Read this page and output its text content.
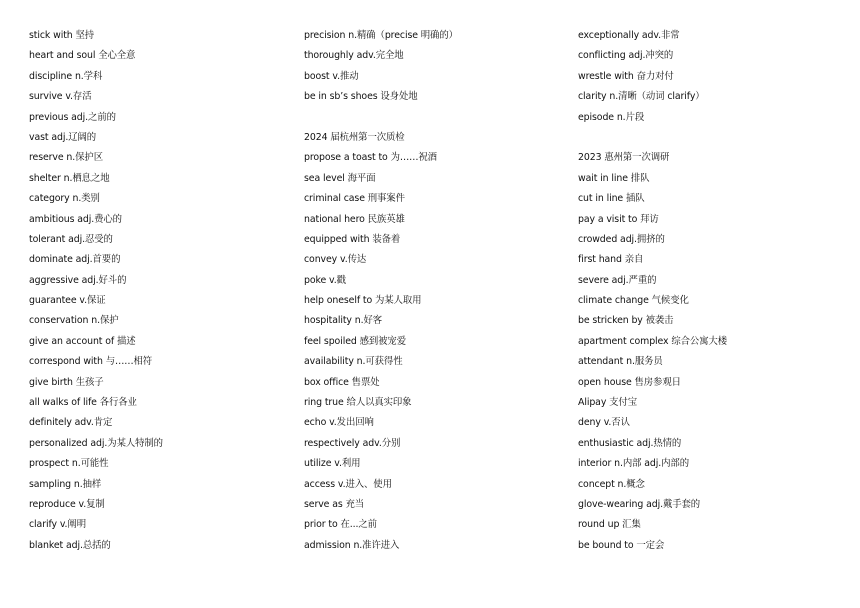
stick with 坚持
heart and soul 全心全意
discipline n.学科
survive v.存活
previous adj.之前的
vast adj.辽阔的
reserve n.保护区
shelter n.栖息之地
category n.类别
ambitious adj.费心的
tolerant adj.忍受的
dominate adj.首要的
aggressive adj.好斗的
guarantee v.保证
conservation n.保护
give an account of 描述
correspond with 与……相符
give birth 生孩子
all walks of life 各行各业
definitely adv.肯定
personalized adj.为某人特制的
prospect n.可能性
sampling n.抽样
reproduce v.复制
clarify v.阐明
blanket adj.总括的
precision n.精确（precise 明确的）
thoroughly adv.完全地
boost v.推动
be in sb’s shoes 设身处地
2024 届杭州第一次质检
propose a toast to 为……祝酒
sea level 海平面
criminal case 刑事案件
national hero 民族英雄
equipped with 装备着
convey v.传达
poke v.戳
help oneself to 为某人取用
hospitality n.好客
feel spoiled 感到被宠爱
availability n.可获得性
box office 售票处
ring true 给人以真实印象
echo v.发出回响
respectively adv.分别
utilize v.利用
access v.进入、使用
serve as 充当
prior to 在...之前
admission n.准许进入
exceptionally adv.非常
conflicting adj.冲突的
wrestle with 奋力对付
clarity n.清晰（动词 clarify）
episode n.片段
2023 惠州第一次调研
wait in line 排队
cut in line 插队
pay a visit to 拜访
crowded adj.拥挤的
first hand 亲自
severe adj.严重的
climate change 气候变化
be stricken by 被袭击
apartment complex 综合公寓大楼
attendant n.服务员
open house 售房参观日
Alipay 支付宝
deny v.否认
enthusiastic adj.热情的
interior n.内部 adj.内部的
concept n.概念
glove-wearing adj.戴手套的
round up 汇集
be bound to 一定会
